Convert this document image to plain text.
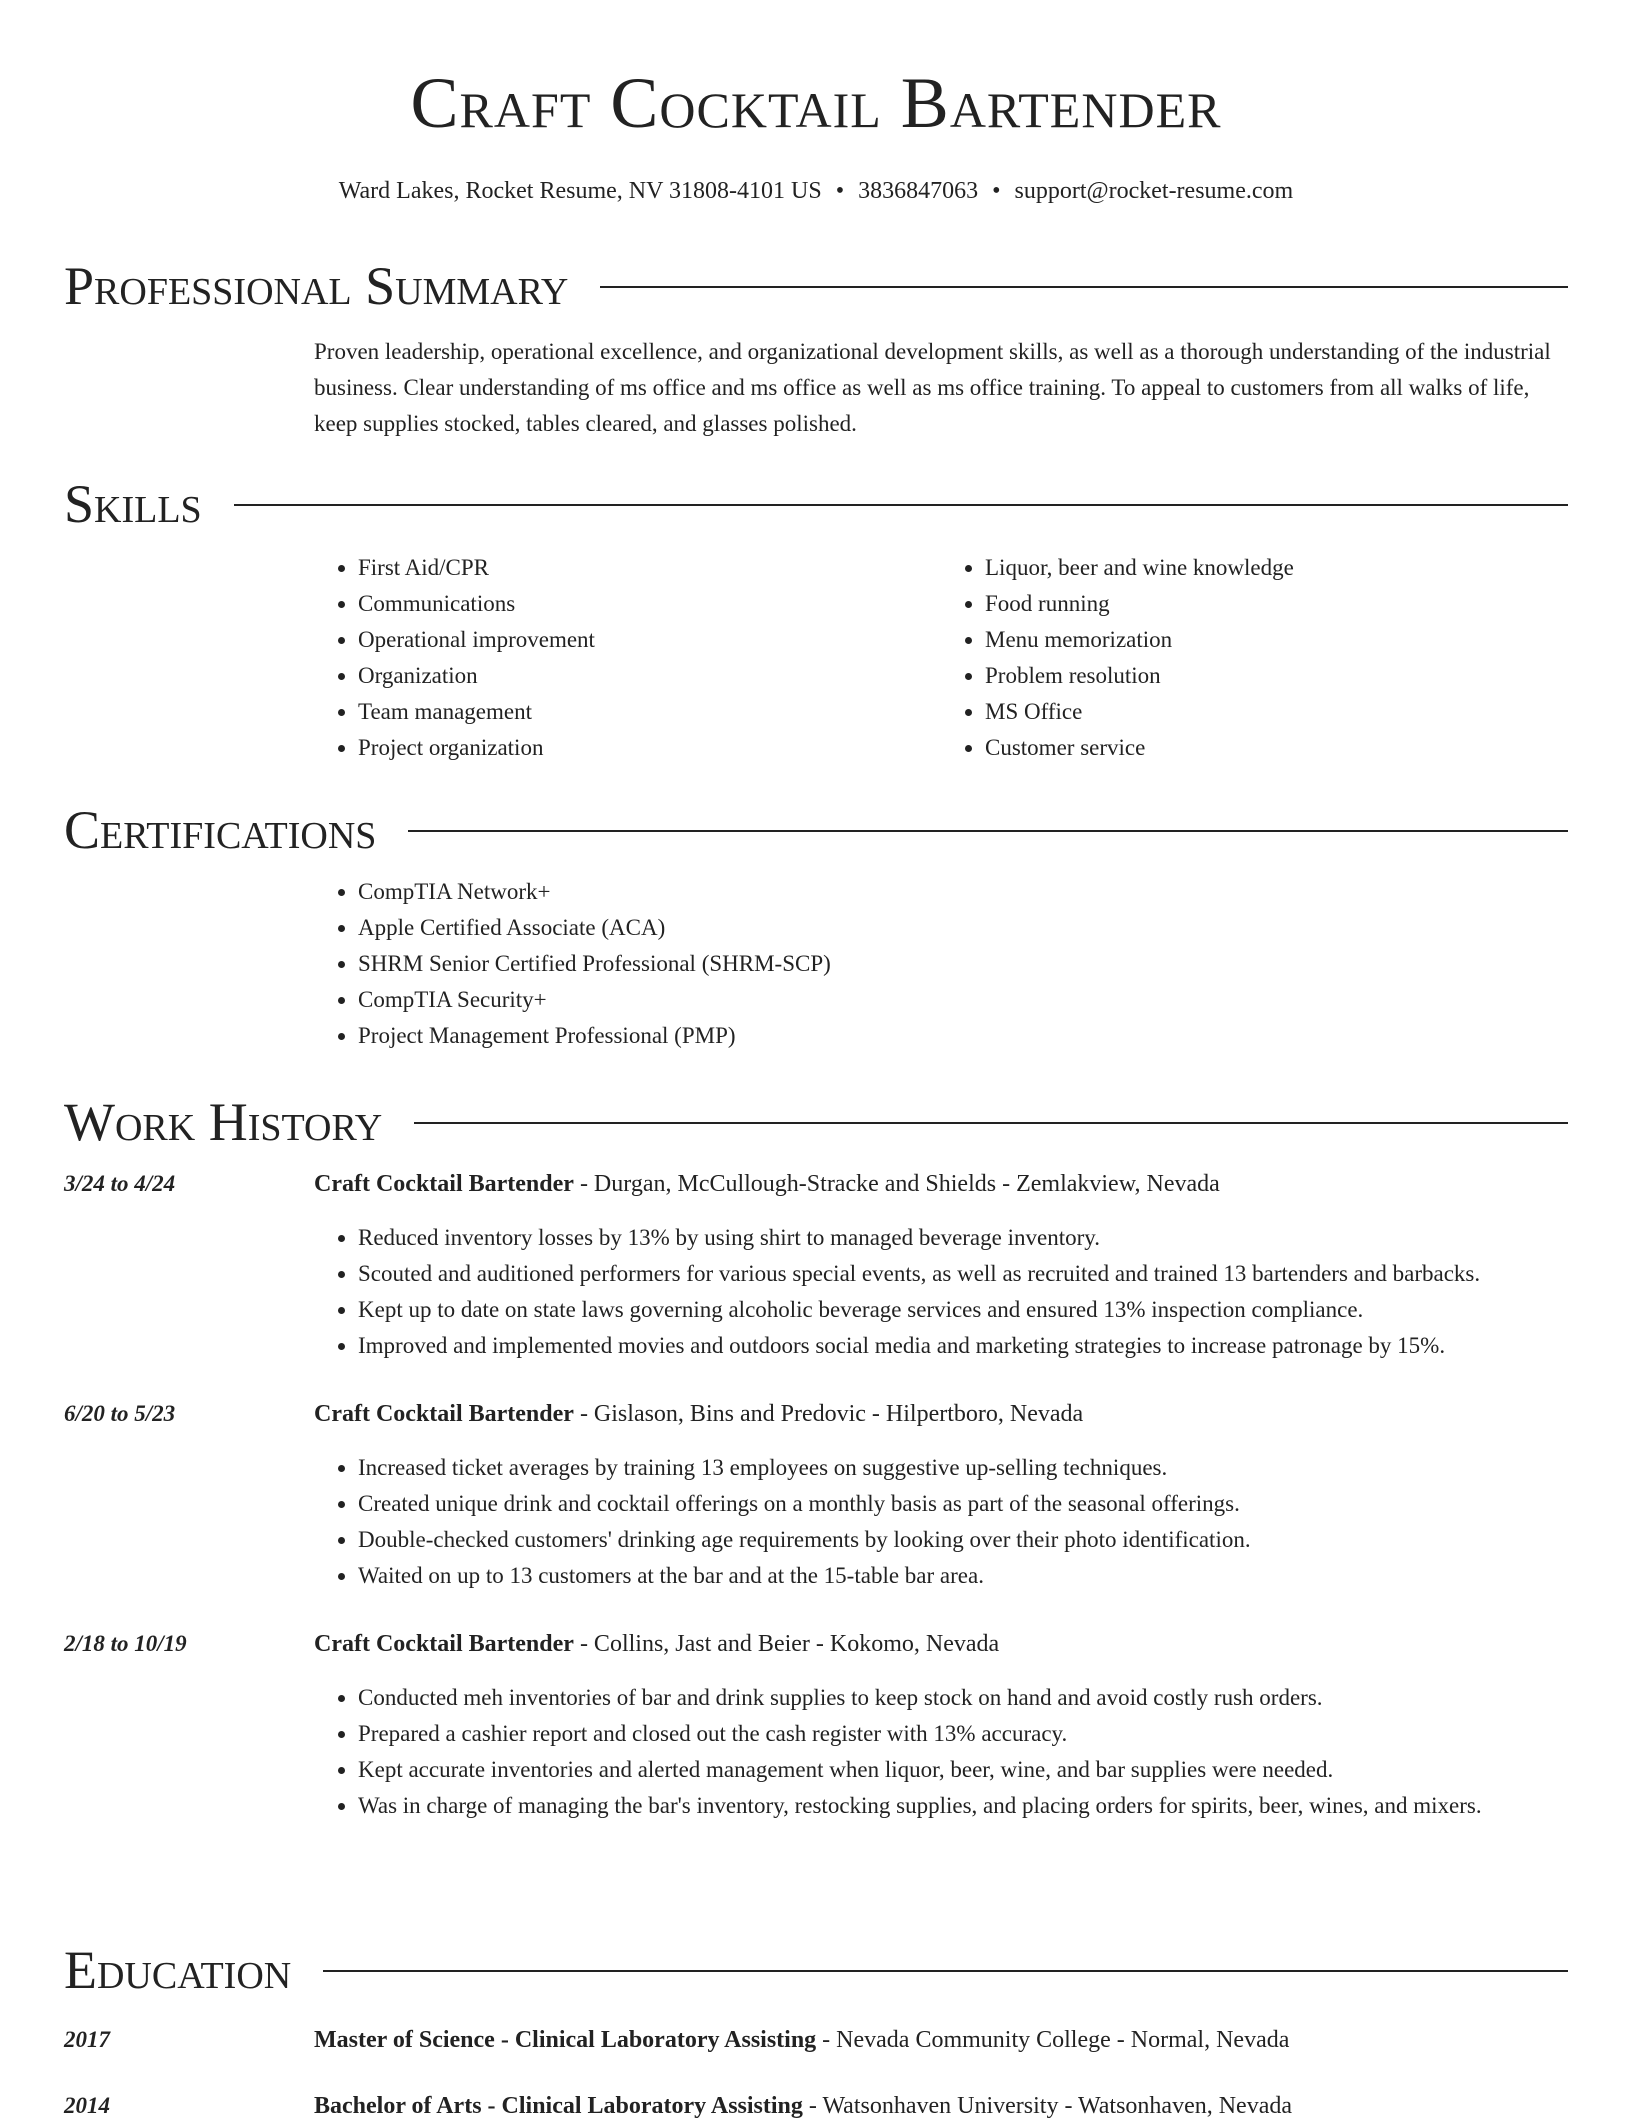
Craft Cocktail Bartender
Ward Lakes, Rocket Resume, NV 31808-4101 US • 3836847063 • support@rocket-resume.com
Professional Summary
Proven leadership, operational excellence, and organizational development skills, as well as a thorough understanding of the industrial business. Clear understanding of ms office and ms office as well as ms office training. To appeal to customers from all walks of life, keep supplies stocked, tables cleared, and glasses polished.
Skills
• First Aid/CPR
• Communications
• Operational improvement
• Organization
• Team management
• Project organization
• Liquor, beer and wine knowledge
• Food running
• Menu memorization
• Problem resolution
• MS Office
• Customer service
Certifications
• CompTIA Network+
• Apple Certified Associate (ACA)
• SHRM Senior Certified Professional (SHRM-SCP)
• CompTIA Security+
• Project Management Professional (PMP)
Work History
3/24 to 4/24	Craft Cocktail Bartender - Durgan, McCullough-Stracke and Shields - Zemlakview, Nevada
• Reduced inventory losses by 13% by using shirt to managed beverage inventory.
• Scouted and auditioned performers for various special events, as well as recruited and trained 13 bartenders and barbacks.
• Kept up to date on state laws governing alcoholic beverage services and ensured 13% inspection compliance.
• Improved and implemented movies and outdoors social media and marketing strategies to increase patronage by 15%.
6/20 to 5/23	Craft Cocktail Bartender - Gislason, Bins and Predovic - Hilpertboro, Nevada
• Increased ticket averages by training 13 employees on suggestive up-selling techniques.
• Created unique drink and cocktail offerings on a monthly basis as part of the seasonal offerings.
• Double-checked customers' drinking age requirements by looking over their photo identification.
• Waited on up to 13 customers at the bar and at the 15-table bar area.
2/18 to 10/19	Craft Cocktail Bartender - Collins, Jast and Beier - Kokomo, Nevada
• Conducted meh inventories of bar and drink supplies to keep stock on hand and avoid costly rush orders.
• Prepared a cashier report and closed out the cash register with 13% accuracy.
• Kept accurate inventories and alerted management when liquor, beer, wine, and bar supplies were needed.
• Was in charge of managing the bar's inventory, restocking supplies, and placing orders for spirits, beer, wines, and mixers.
Education
2017	Master of Science - Clinical Laboratory Assisting - Nevada Community College - Normal, Nevada
2014	Bachelor of Arts - Clinical Laboratory Assisting - Watsonhaven University - Watsonhaven, Nevada
